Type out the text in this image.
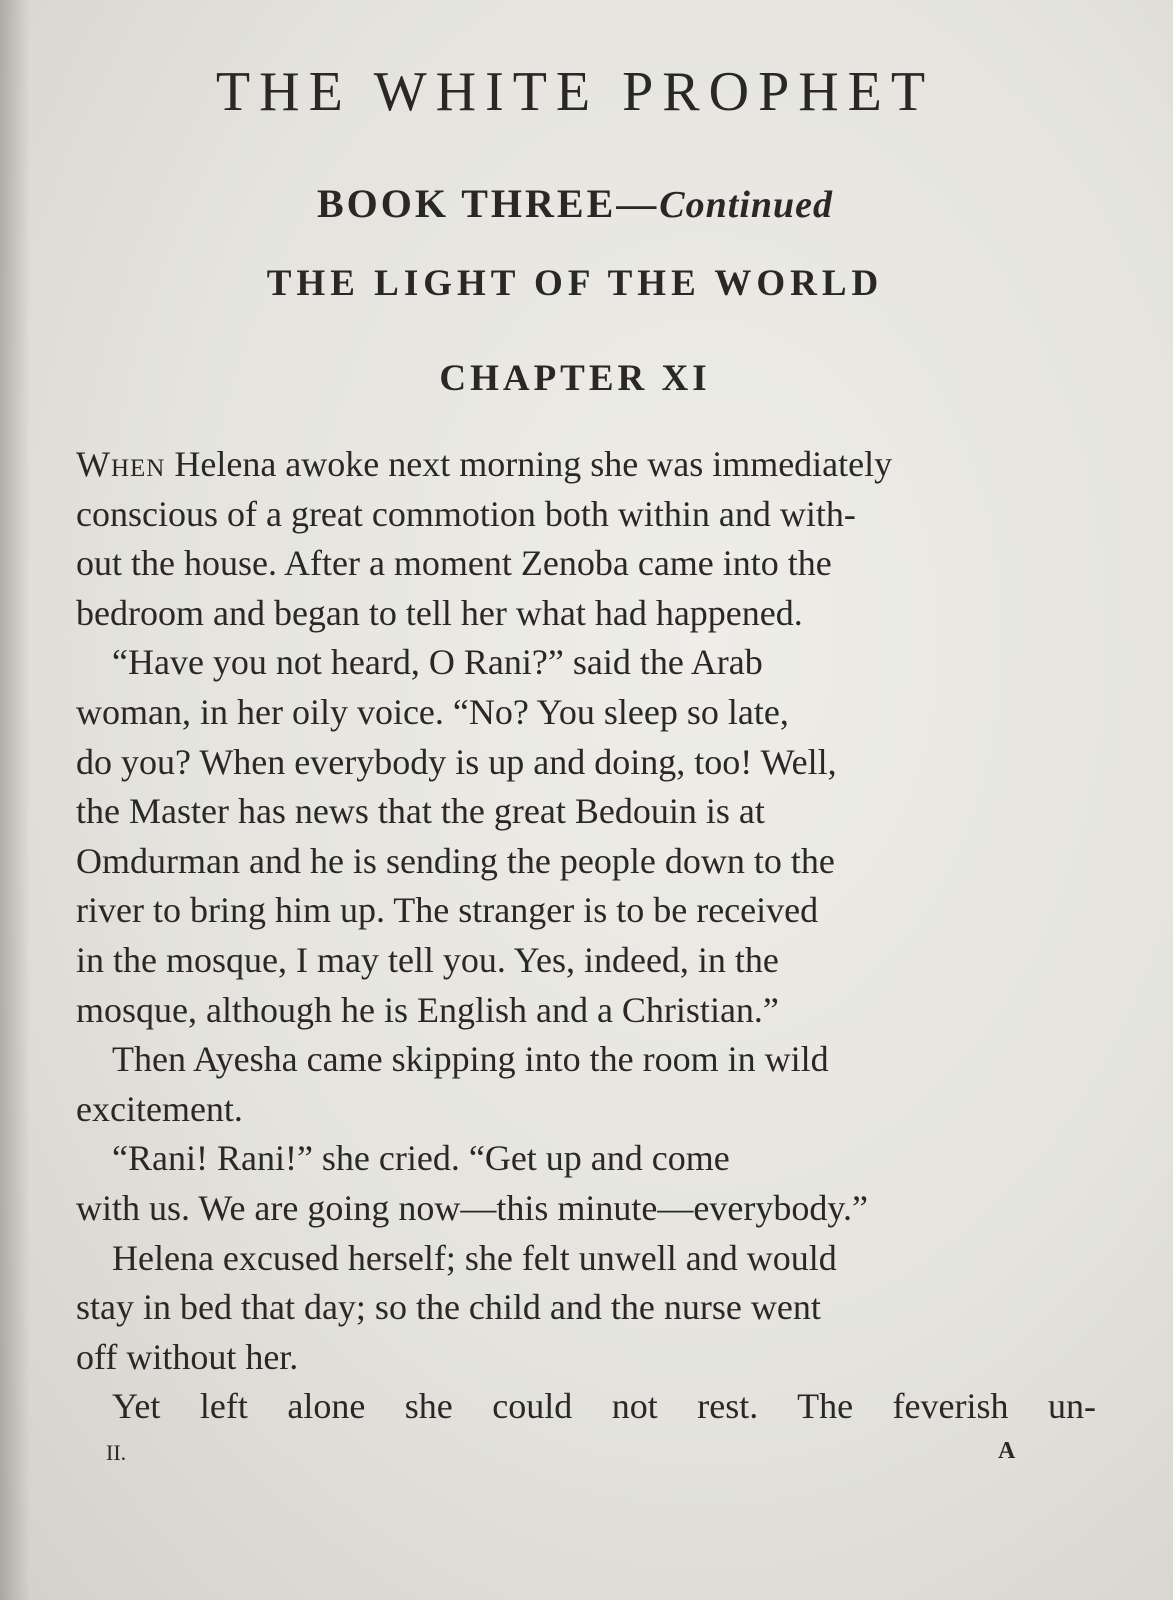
THE WHITE PROPHET
BOOK THREE—Continued
THE LIGHT OF THE WORLD
CHAPTER XI

When Helena awoke next morning she was immediately
conscious of a great commotion both within and with-
out the house. After a moment Zenoba came into the
bedroom and began to tell her what had happened.

“Have you not heard, O Rani?” said the Arab
woman, in her oily voice. “No? You sleep so late,
do you? When everybody is up and doing, too! Well,
the Master has news that the great Bedouin is at
Omdurman and he is sending the people down to the
river to bring him up. The stranger is to be received
in the mosque, I may tell you. Yes, indeed, in the
mosque, although he is English and a Christian.”

Then Ayesha came skipping into the room in wild
excitement.

“Rani! Rani!” she cried. “Get up and come
with us. We are going now—this minute—everybody.”

Helena excused herself; she felt unwell and would
stay in bed that day; so the child and the nurse went
off without her.

Yet left alone she could not rest. The feverish un-

II.	A
